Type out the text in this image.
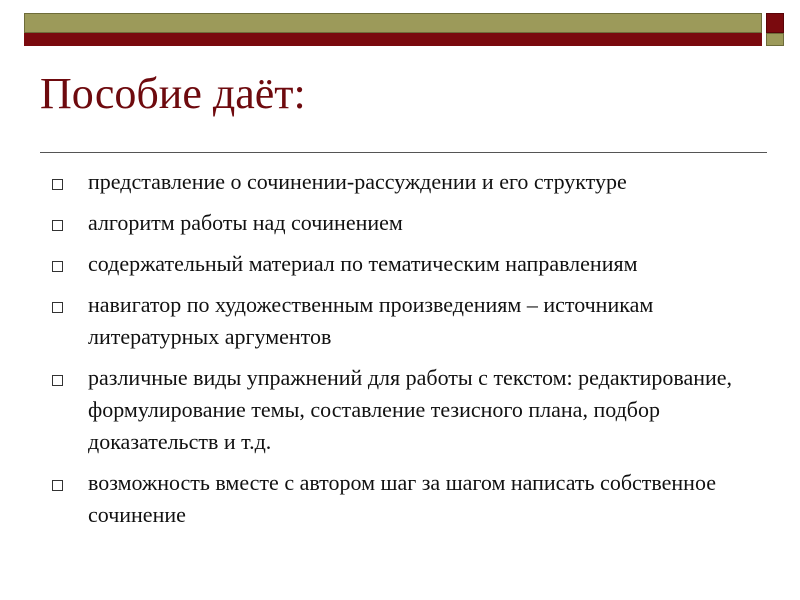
Пособие даёт:
представление о сочинении-рассуждении и его структуре
алгоритм работы над сочинением
содержательный материал по тематическим направлениям
навигатор по художественным произведениям – источникам литературных аргументов
различные виды упражнений для работы с текстом: редактирование, формулирование темы, составление тезисного плана, подбор доказательств и т.д.
возможность вместе с автором шаг за шагом написать собственное сочинение
